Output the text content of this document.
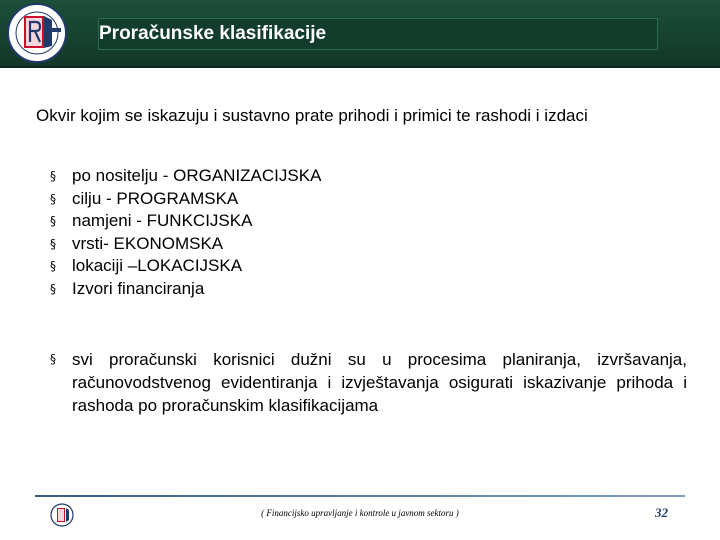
Proračunske klasifikacije
Okvir kojim se iskazuju i sustavno prate prihodi i primici te rashodi i izdaci
§ po nositelju - ORGANIZACIJSKA
§ cilju - PROGRAMSKA
§ namjeni - FUNKCIJSKA
§ vrsti- EKONOMSKA
§ lokaciji –LOKACIJSKA
§ Izvori financiranja
§ svi proračunski korisnici dužni su u procesima planiranja, izvršavanja, računovodstvenog evidentiranja i izvještavanja osigurati iskazivanje prihoda i rashoda po proračunskim klasifikacijama
( Financijsko upravljanje i kontrole u javnom sektoru )	32
